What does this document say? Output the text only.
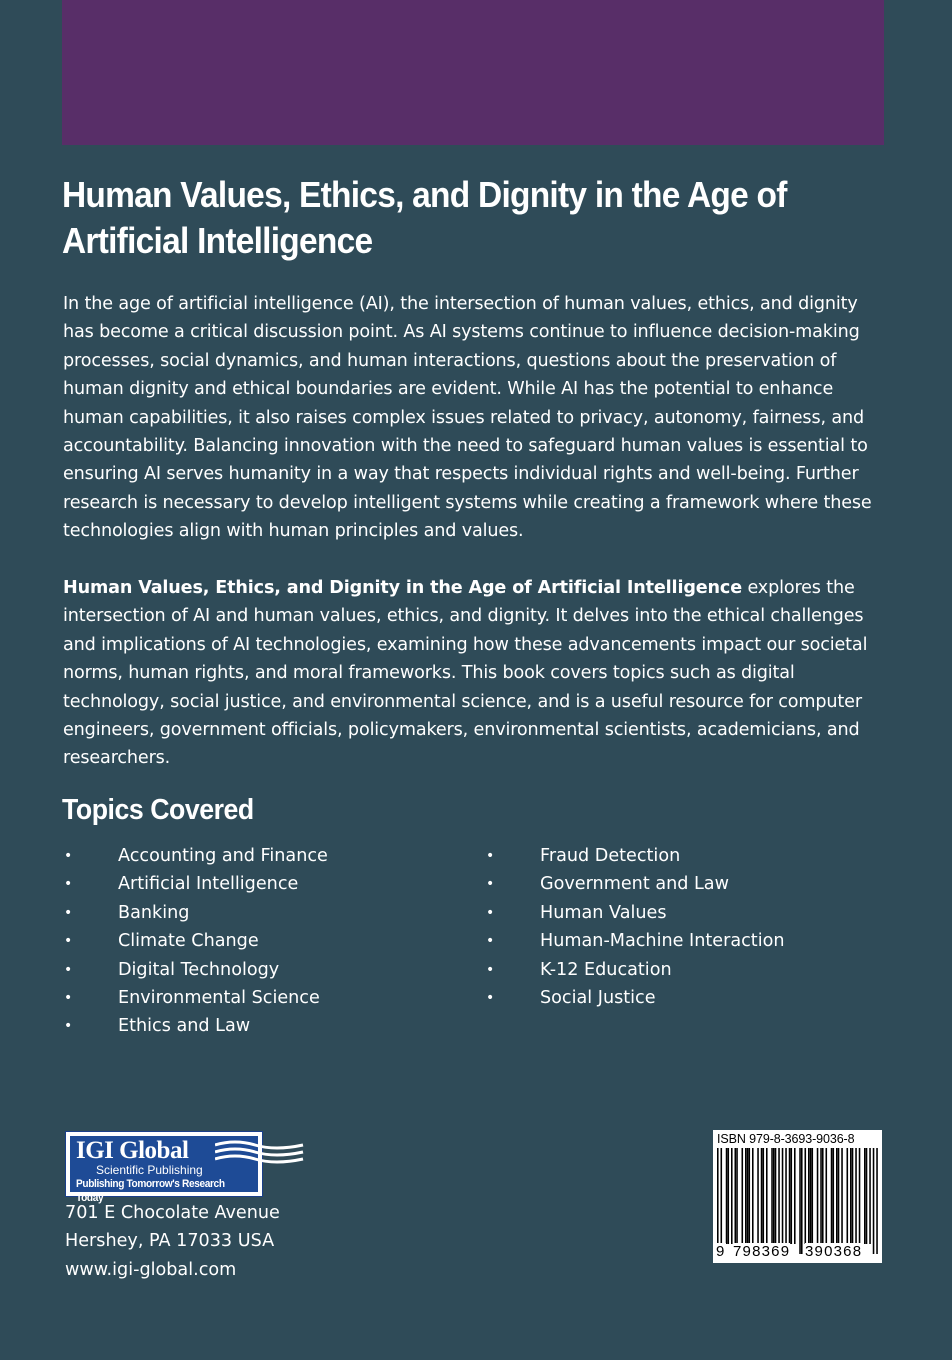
Human Values, Ethics, and Dignity in the Age of Artificial Intelligence

In the age of artificial intelligence (AI), the intersection of human values, ethics, and dignity has become a critical discussion point. As AI systems continue to influence decision-making processes, social dynamics, and human interactions, questions about the preservation of human dignity and ethical boundaries are evident. While AI has the potential to enhance human capabilities, it also raises complex issues related to privacy, autonomy, fairness, and accountability. Balancing innovation with the need to safeguard human values is essential to ensuring AI serves humanity in a way that respects individual rights and well-being. Further research is necessary to develop intelligent systems while creating a framework where these technologies align with human principles and values.

Human Values, Ethics, and Dignity in the Age of Artificial Intelligence explores the intersection of AI and human values, ethics, and dignity. It delves into the ethical challenges and implications of AI technologies, examining how these advancements impact our societal norms, human rights, and moral frameworks. This book covers topics such as digital technology, social justice, and environmental science, and is a useful resource for computer engineers, government officials, policymakers, environmental scientists, academicians, and researchers.

Topics Covered
•	Accounting and Finance
•	Artificial Intelligence
•	Banking
•	Climate Change
•	Digital Technology
•	Environmental Science
•	Ethics and Law
•	Fraud Detection
•	Government and Law
•	Human Values
•	Human-Machine Interaction
•	K-12 Education
•	Social Justice
IGI Global
Scientific Publishing
Publishing Tomorrow's Research Today
701 E Chocolate Avenue
Hershey, PA 17033 USA
www.igi-global.com
ISBN 979-8-3693-9036-8
9 798369 390368
